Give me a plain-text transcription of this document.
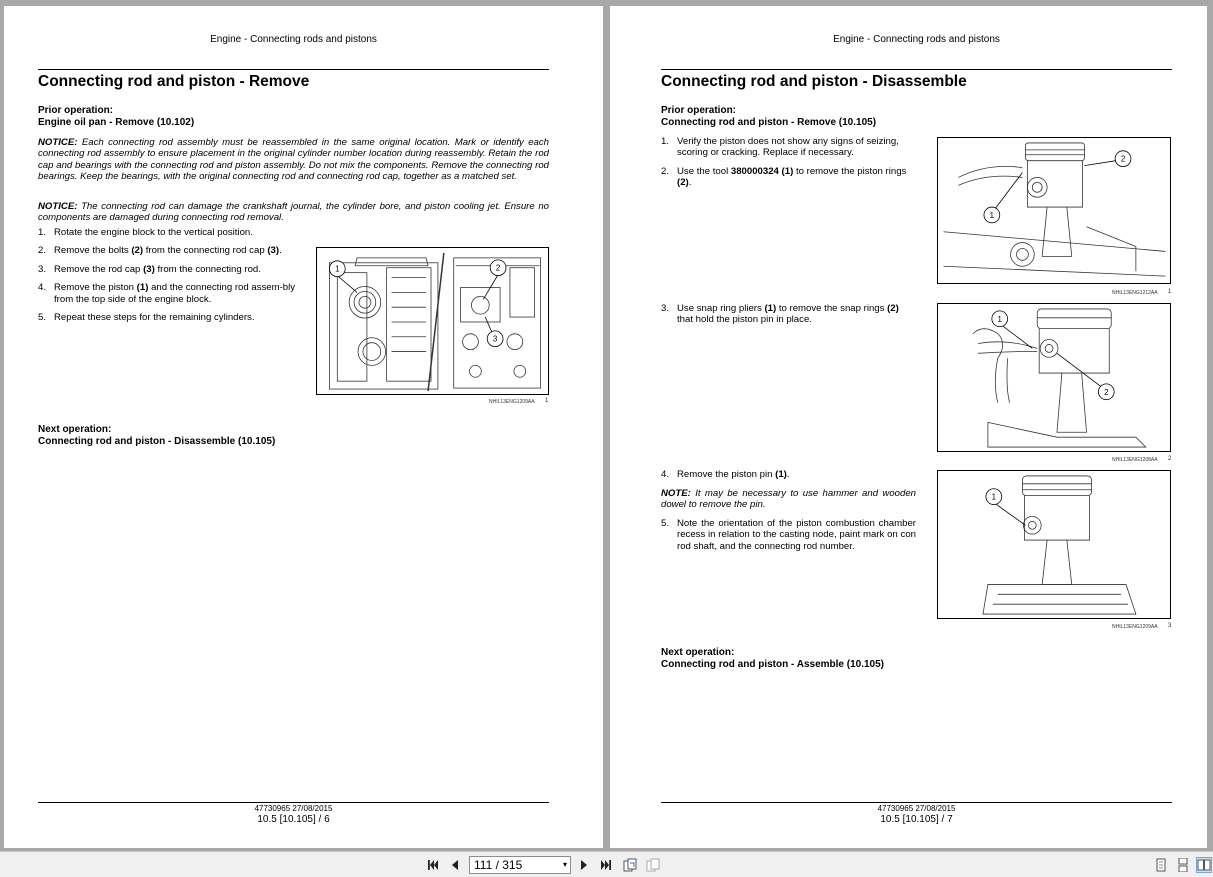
Engine - Connecting rods and pistons
Connecting rod and piston - Remove
Prior operation:
Engine oil pan - Remove (10.102)
NOTICE: Each connecting rod assembly must be reassembled in the same original location. Mark or identify each connecting rod assembly to ensure placement in the original cylinder number location during reassembly. Retain the rod cap and bearings with the connecting rod and piston assembly. Do not mix the components. Remove the connecting rod bearings. Keep the bearings, with the original connecting rod and connecting rod cap, together as a matched set.
NOTICE: The connecting rod can damage the crankshaft journal, the cylinder bore, and piston cooling jet. Ensure no components are damaged during connecting rod removal.
1. Rotate the engine block to the vertical position.
2. Remove the bolts (2) from the connecting rod cap (3).
3. Remove the rod cap (3) from the connecting rod.
4. Remove the piston (1) and the connecting rod assem-bly from the top side of the engine block.
5. Repeat these steps for the remaining cylinders.
1	2
3
NHIL13ENG1209AA 1
Next operation:
Connecting rod and piston - Disassemble (10.105)
47730965 27/08/2015
10.5 [10.105] / 6
Engine - Connecting rods and pistons
Connecting rod and piston - Disassemble
Prior operation:
Connecting rod and piston - Remove (10.105)
1. Verify the piston does not show any signs of seizing, scoring or cracking. Replace if necessary.
2. Use the tool 380000324 (1) to remove the piston rings (2).
1
2
NHIL13ENG1212AA 1
3. Use snap ring pliers (1) to remove the snap rings (2) that hold the piston pin in place.	1
2
NHIL13ENG1208AA 2
4. Remove the piston pin (1).
NOTE: It may be necessary to use hammer and wooden dowel to remove the pin.
5. Note the orientation of the piston combustion chamber recess in relation to the casting node, paint mark on con rod shaft, and the connecting rod number.
1
NHIL13ENG1209AA 3
Next operation:
Connecting rod and piston - Assemble (10.105)
47730965 27/08/2015
10.5 [10.105] / 7
111 / 315	▾
